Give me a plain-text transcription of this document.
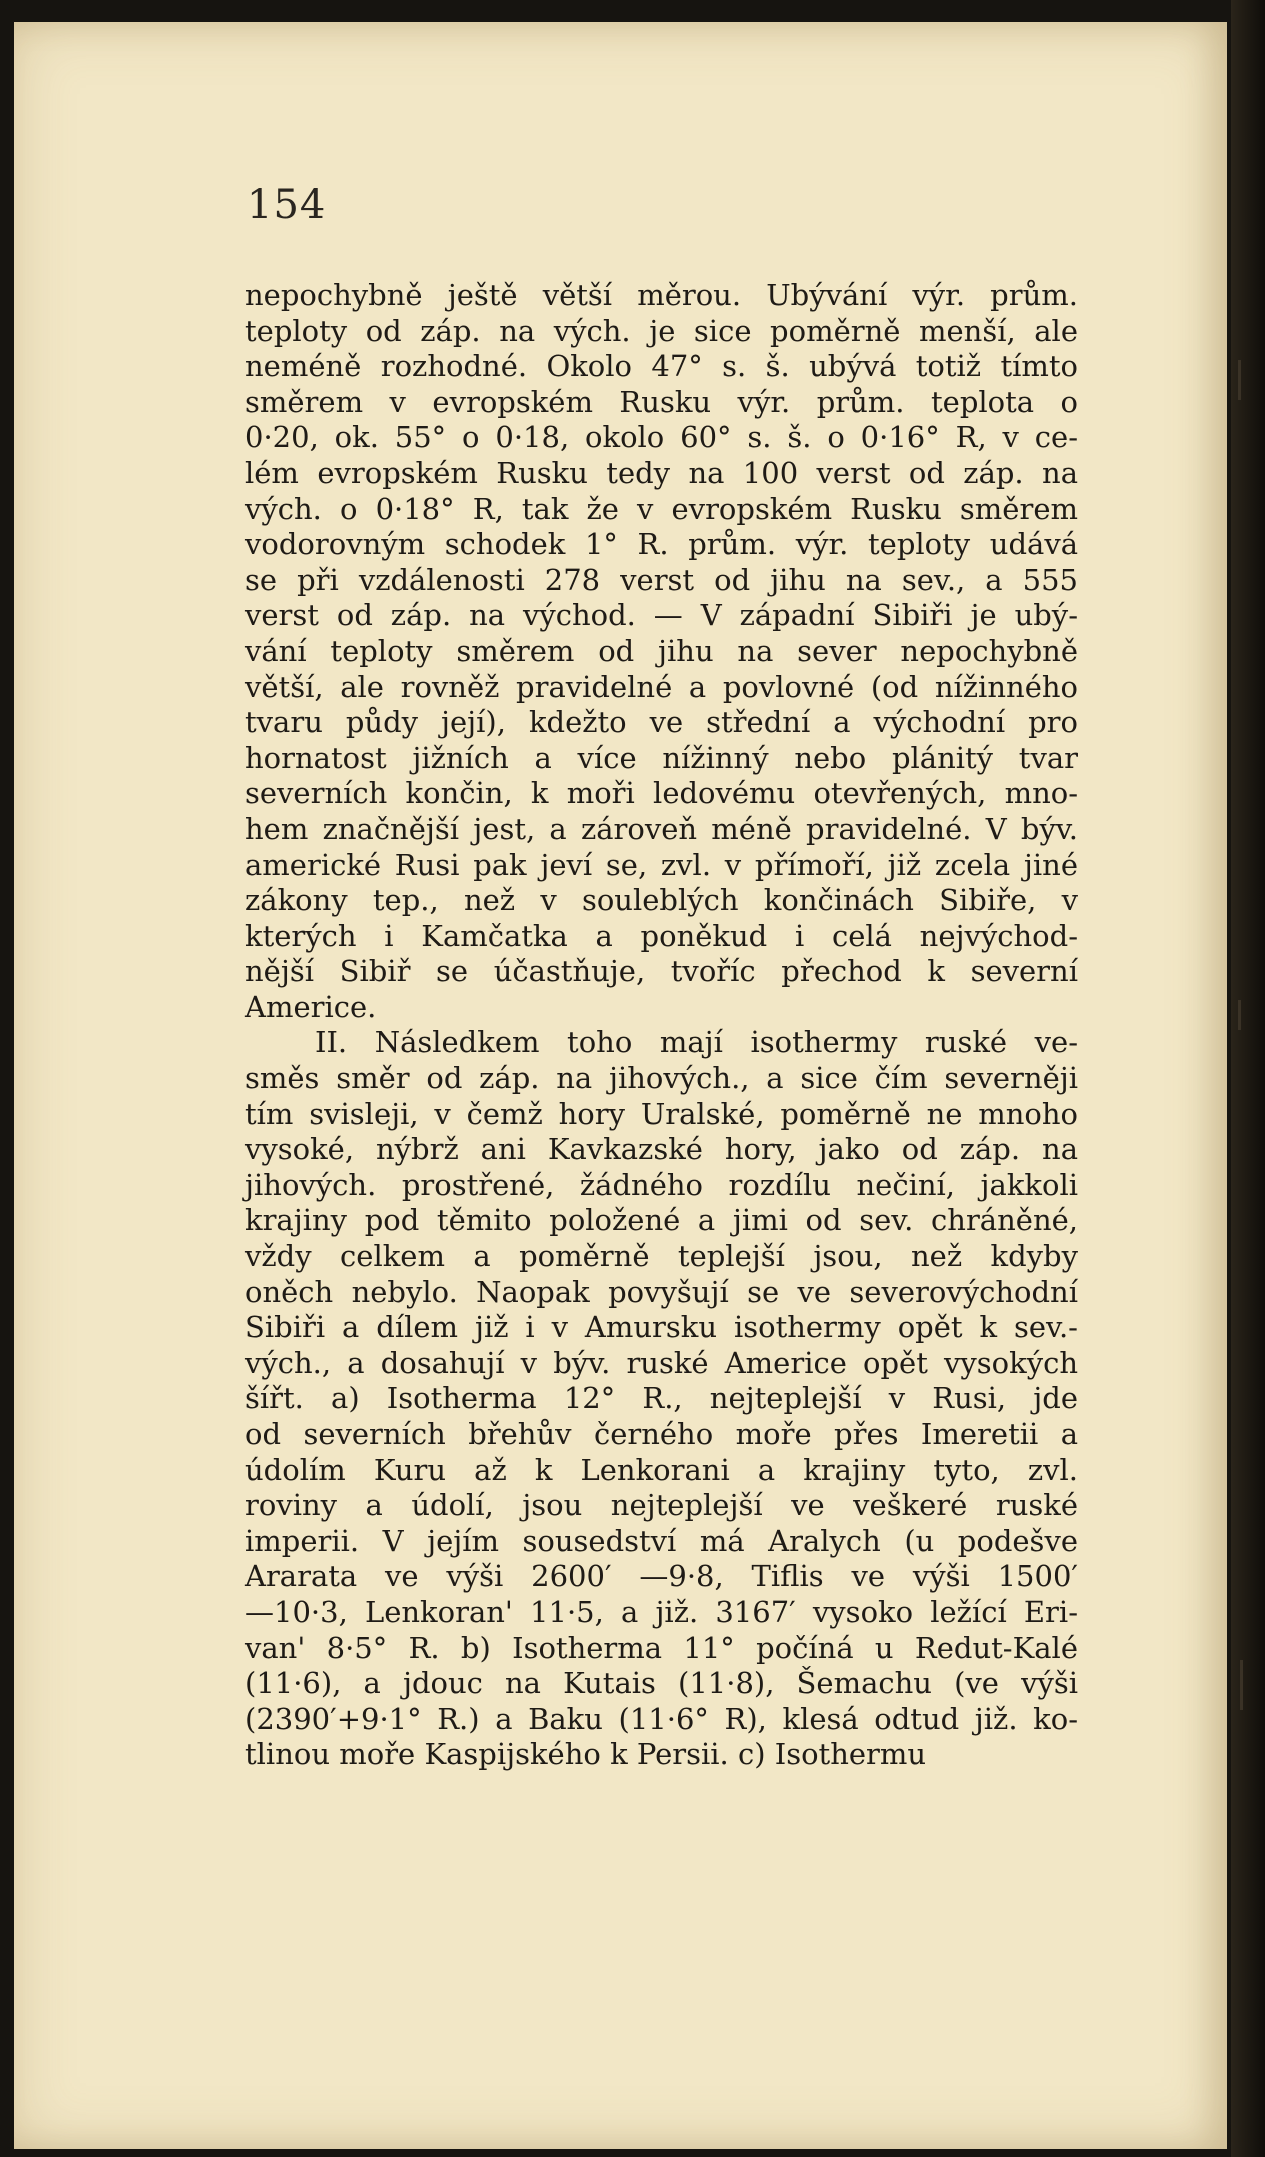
154
nepochybně ještě větší měrou. Ubývání výr. prům.
teploty od záp. na vých. je sice poměrně menší, ale
neméně rozhodné. Okolo 47° s. š. ubývá totiž tímto
směrem v evropském Rusku výr. prům. teplota o
0·20, ok. 55° o 0·18, okolo 60° s. š. o 0·16° R, v ce-
lém evropském Rusku tedy na 100 verst od záp. na
vých. o 0·18° R, tak že v evropském Rusku směrem
vodorovným schodek 1° R. prům. výr. teploty udává
se při vzdálenosti 278 verst od jihu na sev., a 555
verst od záp. na východ. — V západní Sibiři je ubý-
vání teploty směrem od jihu na sever nepochybně
větší, ale rovněž pravidelné a povlovné (od nížinného
tvaru půdy její), kdežto ve střední a východní pro
hornatost jižních a více nížinný nebo plánitý tvar
severních končin, k moři ledovému otevřených, mno-
hem značnější jest, a zároveň méně pravidelné. V býv.
americké Rusi pak jeví se, zvl. v přímoří, již zcela jiné
zákony tep., než v souleblých končinách Sibiře, v
kterých i Kamčatka a poněkud i celá nejvýchod-
nější Sibiř se účastňuje, tvoříc přechod k severní
Americe.
II. Následkem toho mají isothermy ruské ve-
směs směr od záp. na jihových., a sice čím severněji
tím svisleji, v čemž hory Uralské, poměrně ne mnoho
vysoké, nýbrž ani Kavkazské hory, jako od záp. na
jihových. prostřené, žádného rozdílu nečiní, jakkoli
krajiny pod těmito položené a jimi od sev. chráněné,
vždy celkem a poměrně teplejší jsou, než kdyby
oněch nebylo. Naopak povyšují se ve severovýchodní
Sibiři a dílem již i v Amursku isothermy opět k sev.-
vých., a dosahují v býv. ruské Americe opět vysokých
šířt. a) Isotherma 12° R., nejteplejší v Rusi, jde
od severních břehův černého moře přes Imeretii a
údolím Kuru až k Lenkorani a krajiny tyto, zvl.
roviny a údolí, jsou nejteplejší ve veškeré ruské
imperii. V jejím sousedství má Aralych (u podešve
Ararata ve výši 2600′ —9·8, Tiflis ve výši 1500′
—10·3, Lenkoran' 11·5, a již. 3167′ vysoko ležící Eri-
van' 8·5° R. b) Isotherma 11° počíná u Redut-Kalé
(11·6), a jdouc na Kutais (11·8), Šemachu (ve výši
(2390′+9·1° R.) a Baku (11·6° R), klesá odtud již. ko-
tlinou moře Kaspijského k Persii. c) Isothermu
